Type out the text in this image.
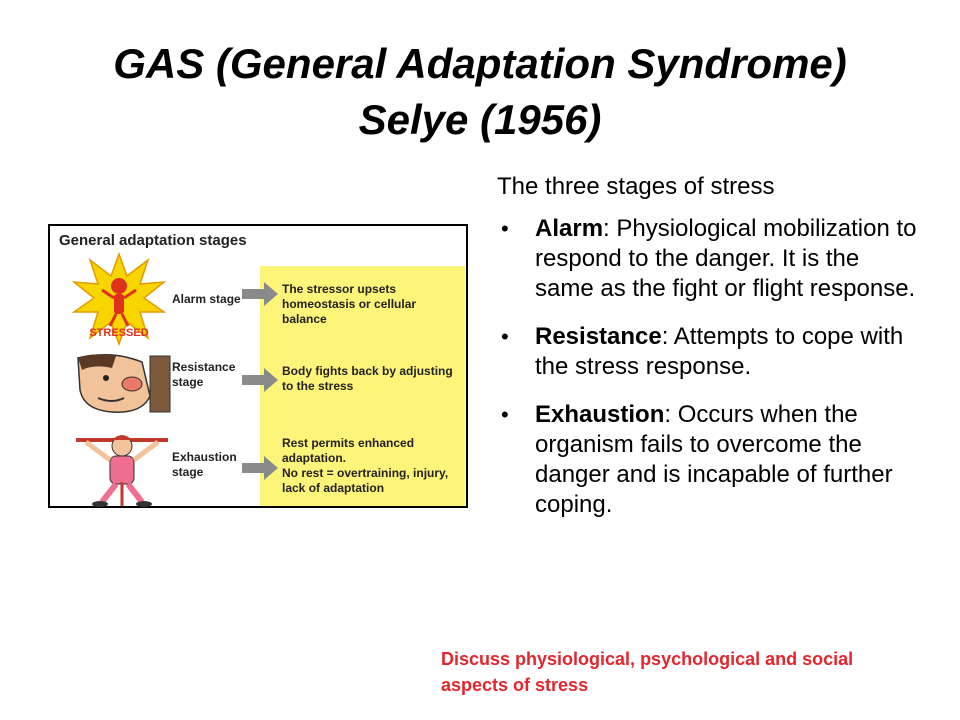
GAS (General Adaptation Syndrome)
Selye (1956)
General adaptation stages
STRESSED
Alarm stage
The stressor upsets
homeostasis or cellular balance
Resistance
stage
Body fights back by adjusting
to the stress
Exhaustion
stage
Rest permits enhanced
adaptation.
No rest = overtraining, injury,
lack of adaptation

The three stages of stress

• Alarm: Physiological mobilization to respond to the danger. It is the same as the fight or flight response.
• Resistance: Attempts to cope with the stress response.
• Exhaustion: Occurs when the organism fails to overcome the danger and is incapable of further coping.
Discuss physiological, psychological and social aspects of stress
